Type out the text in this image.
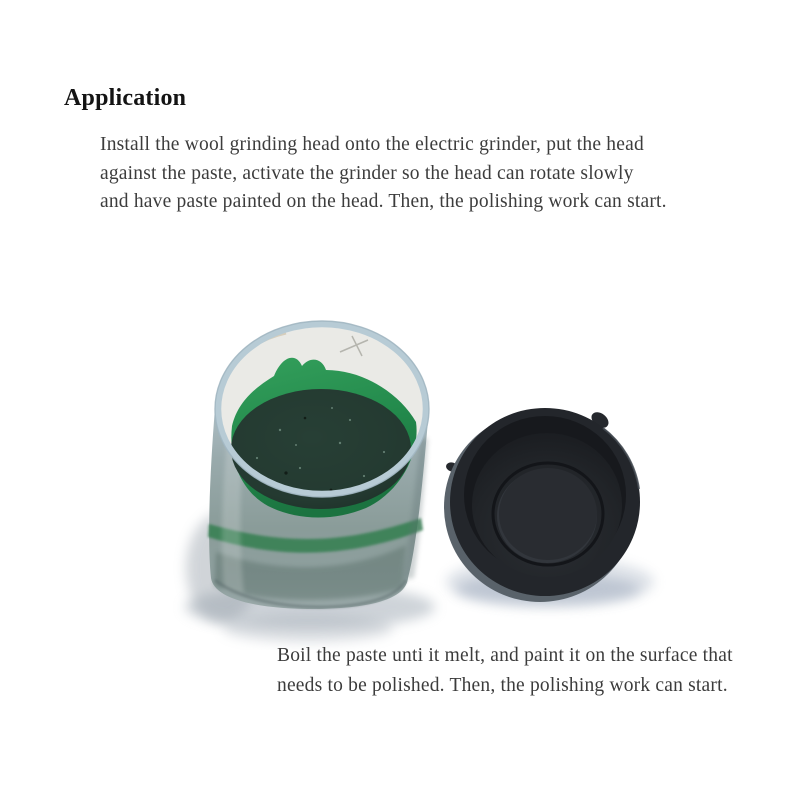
Application
Install the wool grinding head onto the electric grinder, put the head
against the paste, activate the grinder so the head can rotate slowly
and have paste painted on the head. Then, the polishing work can start.
Boil the paste unti it melt, and paint it on the surface that
needs to be polished. Then, the polishing work can start.
